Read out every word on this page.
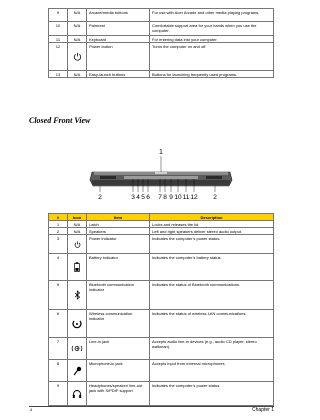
9	N/A	Arcade/media buttons	For use with Acer Arcade and other media playing programs.
10	N/A	Palmrest	Comfortable support area for your hands when you use the computer.
11	N/A	Keyboard	For entering data into your computer.
12		Power button	Turns the computer on and off.
13	N/A	Easy-launch buttons	Buttons for launching frequently used programs.
Closed Front View
1
2	3 4 5 6 7 8 9 10 11 12 2
#	Icon	Item	Description
1	N/A	Latch	Locks and releases the lid.
2	N/A	Speakers	Left and right speakers deliver stereo audio output.
3		Power indicator	Indicates the computer’s power status.
4		Battery indicator	Indicates the computer’s battery status.
5		Bluetooth communication indicator	Indicates the status of Bluetooth communications.
6		Wireless communication indicator	Indicates the status of wireless LAN communications.
7		Line-in jack	Accepts audio line-in devices (e.g., audio CD player, stereo walkman).
8		Microphone-in jack	Accepts input from external microphones.
9		Headphones/speaker/ line-out jack with S/PDIF support	Indicates the computer’s power status.
4	Chapter 1
